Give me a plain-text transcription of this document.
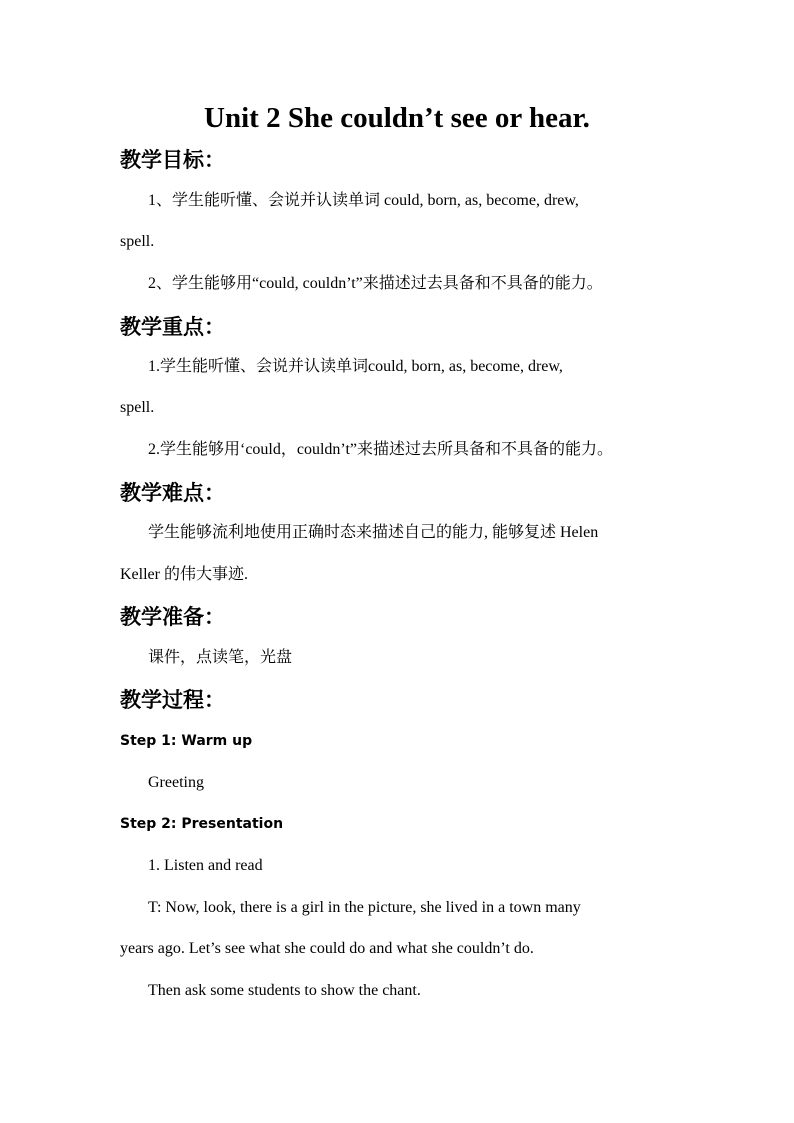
Unit 2 She couldn’t see or hear.
教学目标：
1、学生能听懂、会说并认读单词 could, born, as, become, drew,
spell.
2、学生能够用“could, couldn’t”来描述过去具备和不具备的能力。
教学重点：
1.学生能听懂、会说并认读单词could, born, as, become, drew,
spell.
2.学生能够用‘could，couldn’t”来描述过去所具备和不具备的能力。
教学难点：
学生能够流利地使用正确时态来描述自己的能力, 能够复述 Helen
Keller 的伟大事迹.
教学准备：
课件，点读笔，光盘
教学过程：
Step 1: Warm up
Greeting
Step 2: Presentation
1. Listen and read
T: Now, look, there is a girl in the picture, she lived in a town many
years ago. Let’s see what she could do and what she couldn’t do.
Then ask some students to show the chant.
